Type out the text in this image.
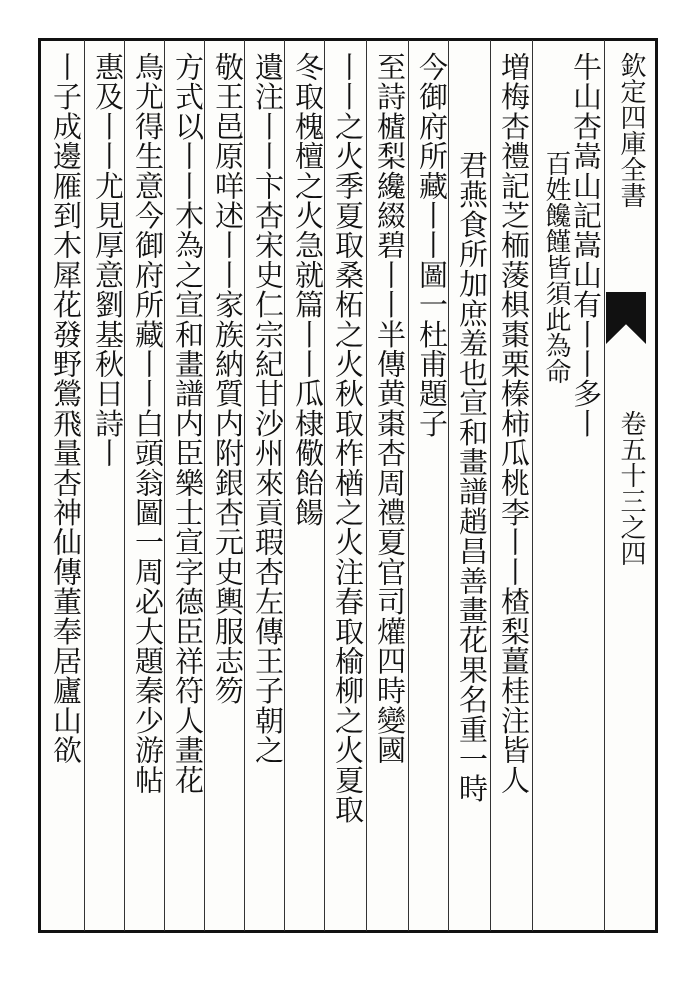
欽定四庫全書
卷五十三之四
牛山杏嵩山記嵩山有丨丨多丨
百姓饞饉皆須此為命
増梅杏禮記芝栭蔆椇棗栗榛柿瓜桃李丨丨楂梨薑桂注皆人
君燕食所加庶羞也宣和畫譜趙昌善畫花果名重一時
今御府所藏丨丨圖一杜甫題子
至詩樝梨纔綴碧丨丨半傳黄棗杏周禮夏官司爟四時變國
丨丨之火季夏取桑柘之火秋取柞楢之火注春取榆柳之火夏取
冬取槐檀之火急就篇丨丨瓜棣儆飴餳
遺注丨丨卞杏宋史仁宗紀甘沙州來貢瑕杏左傳王子朝之
敬王邑原咩述丨丨家族納質内附銀杏元史輿服志笏
方式以丨丨木為之宣和畫譜内臣樂士宣字德臣祥符人畫花
鳥尤得生意今御府所藏丨丨白頭翁圖一周必大題秦少游帖
惠及丨丨尤見厚意劉基秋日詩丨
丨子成邊雁到木犀花發野鶯飛量杏神仙傳董奉居廬山欲
